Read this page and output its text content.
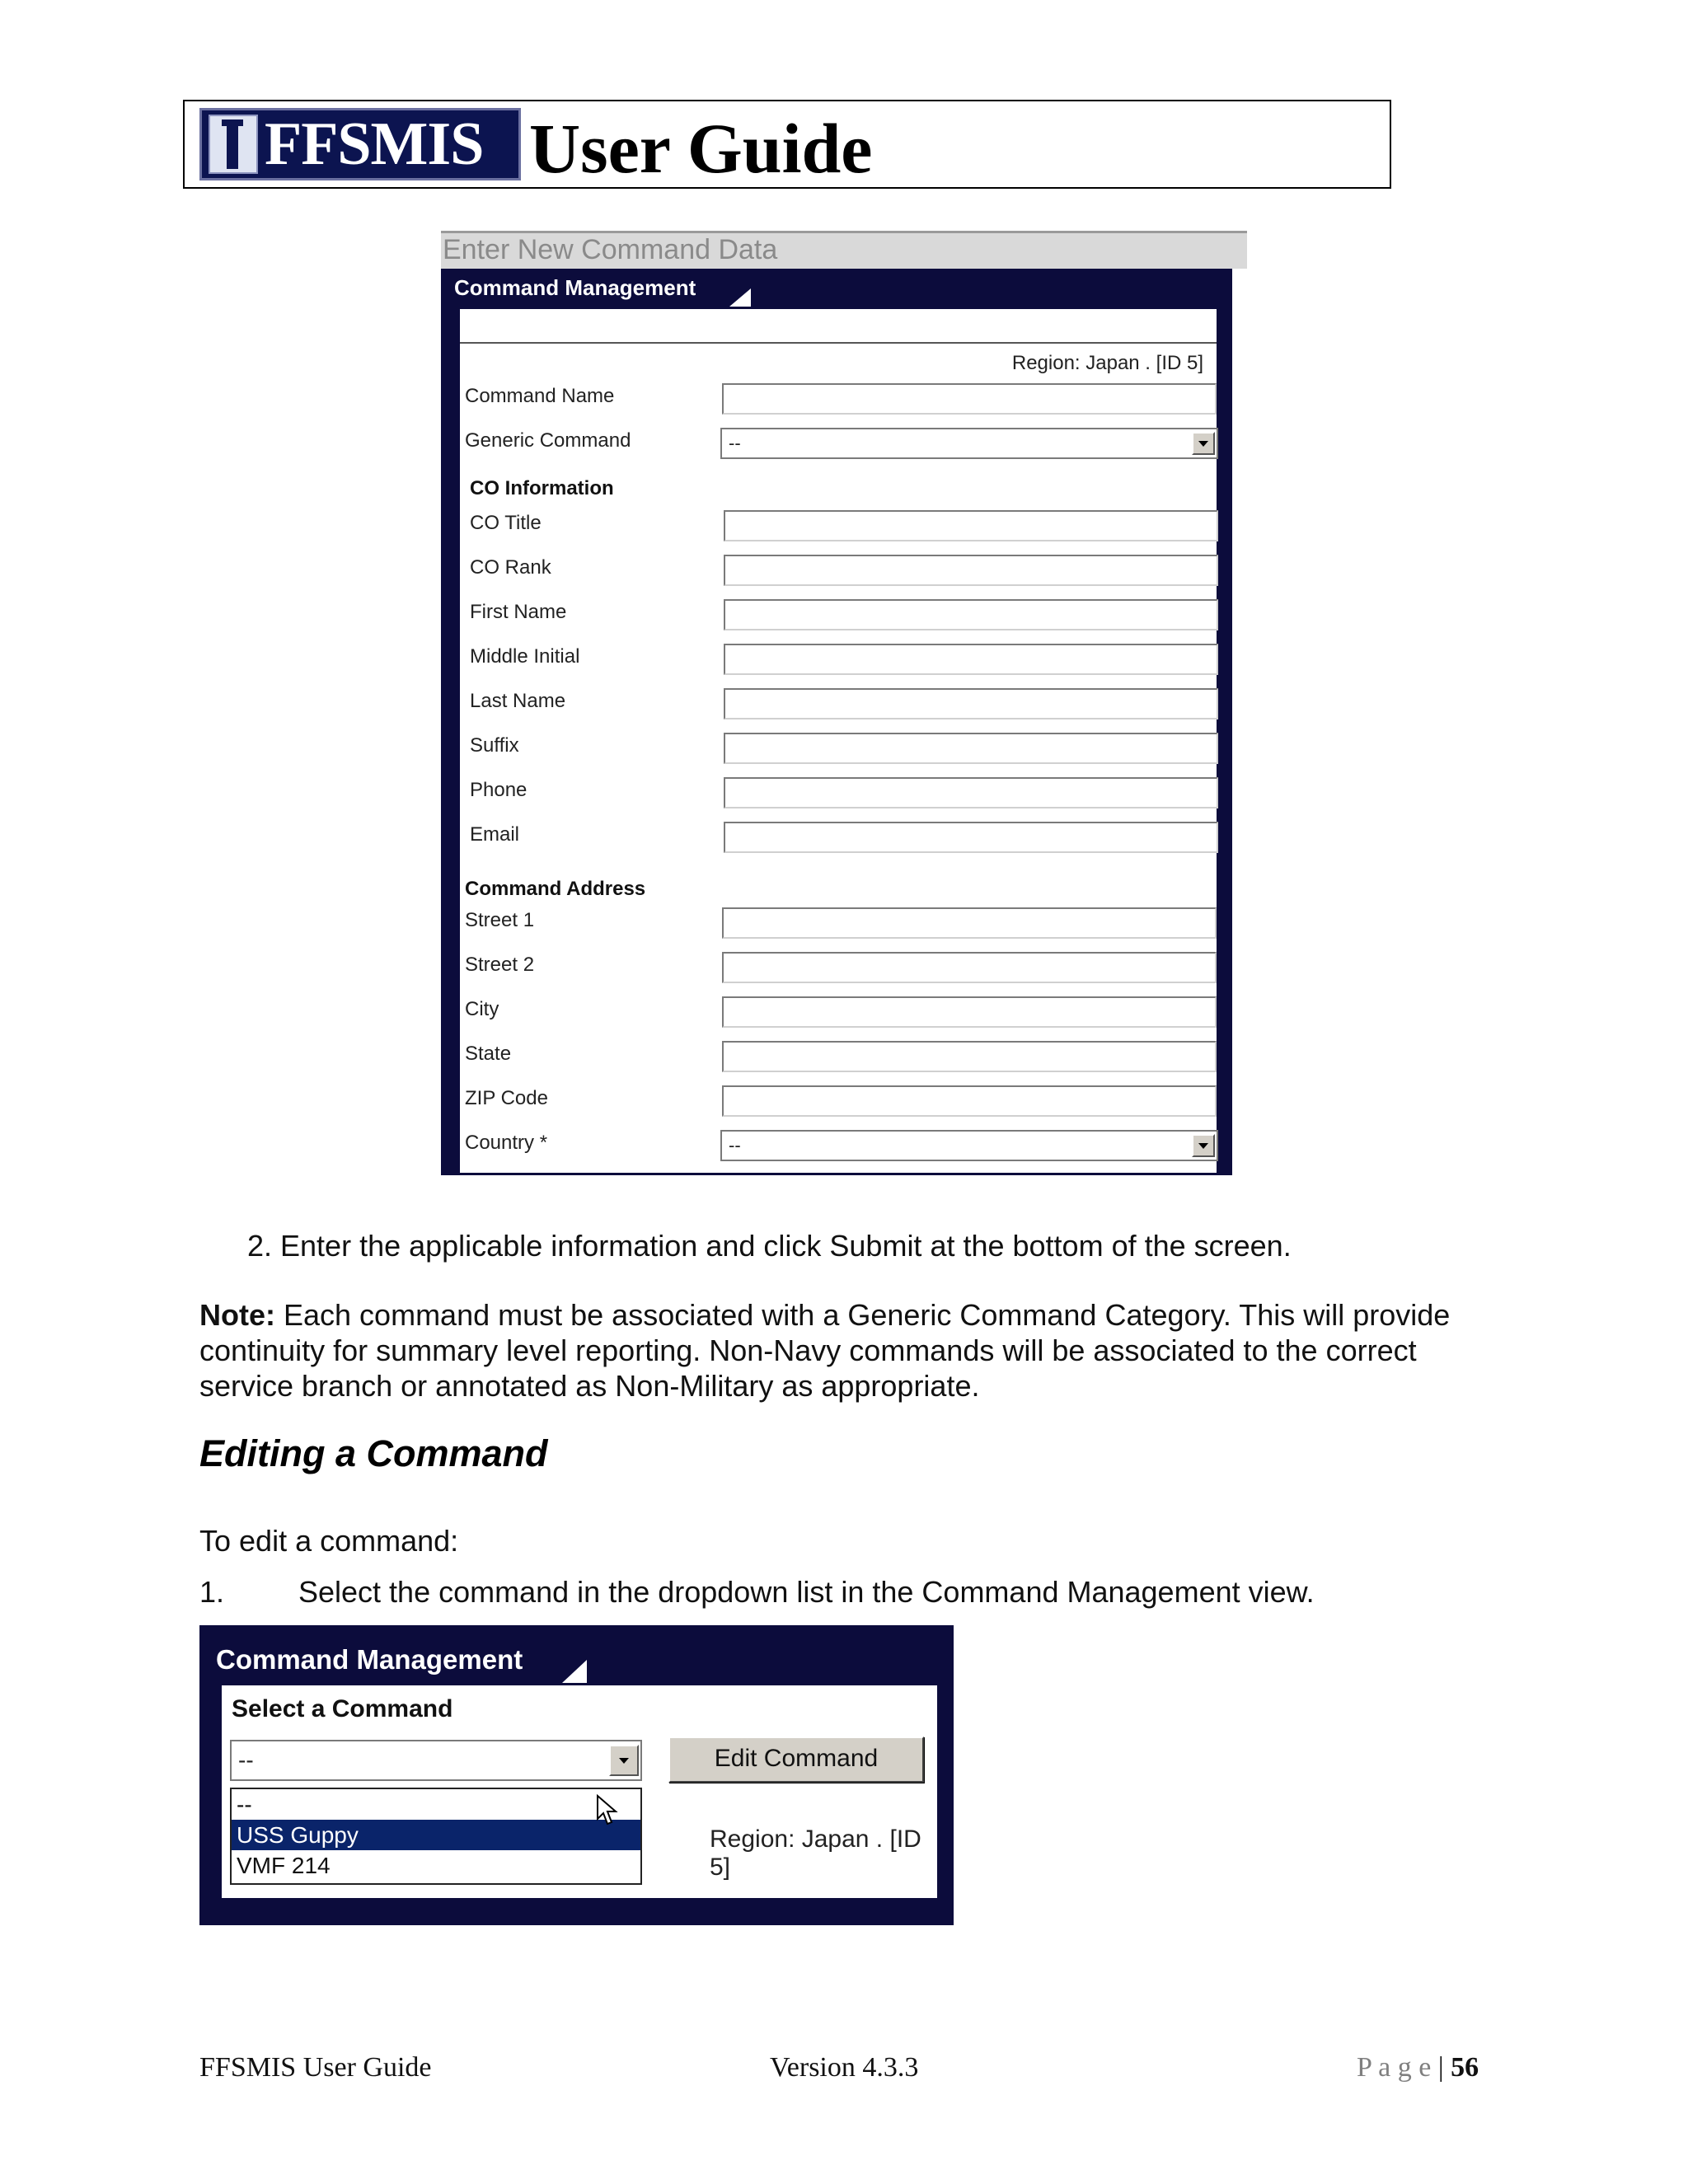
FFSMIS User Guide
Enter New Command Data
Command Management
Region: Japan . [ID 5]
Command Name
Generic Command	--
CO Information
CO Title
CO Rank
First Name
Middle Initial
Last Name
Suffix
Phone
Email
Command Address
Street 1
Street 2
City
State
ZIP Code
Country *	--
2. Enter the applicable information and click Submit at the bottom of the screen.
Note: Each command must be associated with a Generic Command Category. This will provide continuity for summary level reporting. Non-Navy commands will be associated to the correct service branch or annotated as Non-Military as appropriate.
Editing a Command
To edit a command:
1. Select the command in the dropdown list in the Command Management view.
Command Management
Select a Command
--
--
USS Guppy
VMF 214
Edit Command
Region: Japan . [ID 5]
FFSMIS User Guide	Version 4.3.3	P a g e | 56
